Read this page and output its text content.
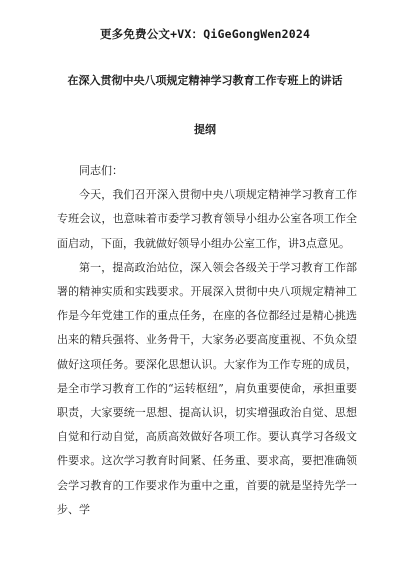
更多免费公文+VX：QiGeGongWen2024
在深入贯彻中央八项规定精神学习教育工作专班上的讲话
提纲

同志们：

今天，我们召开深入贯彻中央八项规定精神学习教育工作专班会议，也意味着市委学习教育领导小组办公室各项工作全面启动，下面，我就做好领导小组办公室工作，讲3点意见。

第一，提高政治站位，深入领会各级关于学习教育工作部署的精神实质和实践要求。开展深入贯彻中央八项规定精神工作是今年党建工作的重点任务，在座的各位都经过是精心挑选出来的精兵强将、业务骨干，大家务必要高度重视、不负众望做好这项任务。要深化思想认识。大家作为工作专班的成员，是全市学习教育工作的“运转枢纽”，肩负重要使命，承担重要职责，大家要统一思想、提高认识，切实增强政治自觉、思想自觉和行动自觉，高质高效做好各项工作。要认真学习各级文件要求。这次学习教育时间紧、任务重、要求高，要把准确领会学习教育的工作要求作为重中之重，首要的就是坚持先学一步、学
